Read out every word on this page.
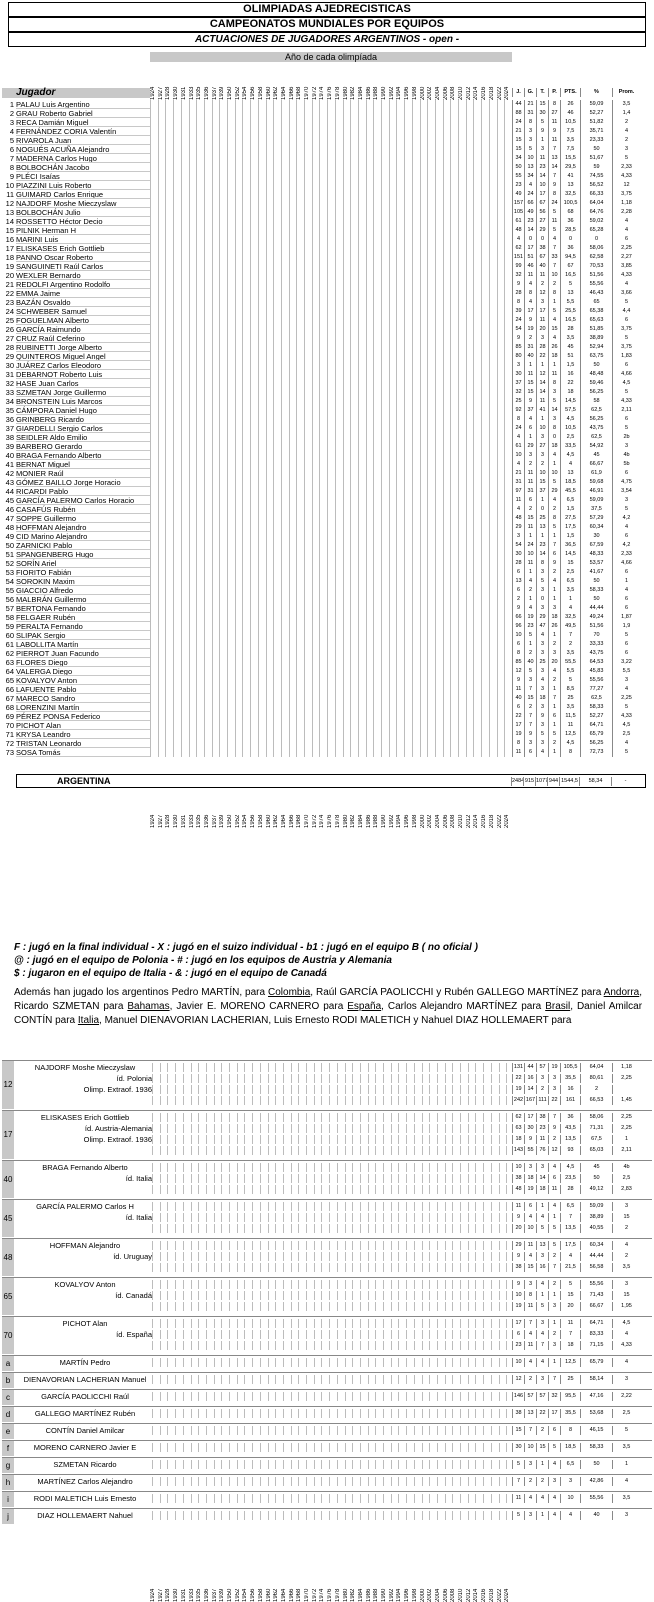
OLIMPIADAS AJEDRECISTICAS
CAMPEONATOS MUNDIALES POR EQUIPOS
ACTUACIONES DE JUGADORES ARGENTINOS - open -
Año de cada olimpíada
1924 1927 1928 1930 1931 1933 1935 1936 1937 1939 1950 1952 1954 1956 1958 1960 1962 1964 1966 1968 1970 1972 1974 1976 1978 1980 1982 1984 1986 1988 1990 1992 1994 1996 1998 2000 2002 2004 2006 2008 2010 2012 2014 2016 2018 2022 2024
Jugador	J.	G.	T.	P.	PTS.	%	Prom.
1 PALAU Luis Argentino	44	21	15	8	26	59,09	3,5
2 GRAU Roberto Gabriel	88	31	30	27	46	52,27	1,4
3 RECA Damián Miguel	24	8	5	11	10,5	51,82	2
4 FERNÁNDEZ CORIA Valentín	21	3	9	9	7,5	35,71	4
5 RIVAROLA Juan	15	3	1	11	3,5	23,33	2
6 NOGUÉS ACUÑA Alejandro	15	5	3	7	7,5	50	3
7 MADERNA Carlos Hugo	34	10	11	13	15,5	51,67	5
8 BOLBOCHÁN Jacobo	50	13	23	14	29,5	59	2,33
9 PLÉCI Isaías	55	34	14	7	41	74,55	4,33
10 PIAZZINI Luis Roberto	23	4	10	9	13	56,52	12
11 GUIMARD Carlos Enrique	49	24	17	8	32,5	66,33	3,75
12 NAJDORF Moshe Mieczyslaw	157 66	67	24	100,5	64,04	1,18
13 BOLBOCHÁN Julio	105 49	56	5	68	64,76	2,28
14 ROSSETTO Héctor Decio	61	23	27	11	36	59,02	4
15 PILNIK Herman H	48	14	29	5	28,5	65,28	4
16 MARINI Luis	4	0	0	4	0	0	6
17 ELISKASES Erich Gottlieb	62	17	38	7	36	58,06	2,25
18 PANNO Oscar Roberto	151 51	67	33	94,5	62,58	2,27
19 SANGUINETI Raúl Carlos	99	46	40	7	67	70,53	3,85
20 WEXLER Bernardo	32	11	11	10	16,5	51,56	4,33
21 REDOLFI Argentino Rodolfo	9	4	2	2	5	55,56	4
22 EMMA Jaime	28	8	12	8	13	46,43	3,66
23 BAZÁN Osvaldo	8	4	3	1	5,5	65	5
24 SCHWEBER Samuel	39	17	17	5	25,5	65,38	4,4
25 FOGUELMAN Alberto	24	9	11	4	16,5	65,63	6
26 GARCÍA Raimundo	54	19	20	15	28	51,85	3,75
27 CRUZ Raúl Ceferino	9	2	3	4	3,5	38,89	5
28 RUBINETTI Jorge Alberto	85	31	28	26	45	52,94	3,75
29 QUINTEROS Miguel Angel	80	40	22	18	51	63,75	1,83
30 JUÁREZ Carlos Eleodoro	3	1	1	1	1,5	50	6
31 DEBARNOT Roberto Luis	30	11	12	11	16	48,48	4,66
32 HASE Juan Carlos	37	15	14	8	22	59,46	4,5
33 SZMETAN Jorge Guillermo	32	15	14	3	18	56,25	5
34 BRONSTEIN Luis Marcos	25	9	11	5	14,5	58	4,33
35 CÁMPORA Daniel Hugo	92	37	41	14	57,5	62,5	2,11
36 GRINBERG Ricardo	8	4	1	3	4,5	56,25	6
37 GIARDELLI Sergio Carlos	24	6	10	8	10,5	43,75	5
38 SEIDLER Aldo Emilio	4	1	3	0	2,5	62,5	2b
39 BARBERO Gerardo	61	29	27	18	33,5	54,92	3
40 BRAGA Fernando Alberto	10	3	3	4	4,5	45	4b
41 BERNAT Miguel	4	2	2	1	4	66,67	5b
42 MONIER Raúl	21	11	10	10	13	61,9	6
43 GÓMEZ BAILLO Jorge Horacio	31	11	15	5	18,5	59,68	4,75
44 RICARDI Pablo	97	31	37	29	45,5	46,91	3,54
45 GARCÍA PALERMO Carlos Horacio	11	6	1	4	6,5	59,09	3
46 CASAFÚS Rubén	4	2	0	2	1,5	37,5	5
47 SOPPE Guillermo	48	15	25	8	27,5	57,29	4,2
48 HOFFMAN Alejandro	29	11	13	5	17,5	60,34	4
49 CID Marino Alejandro	3	1	1	1	1,5	30	6
50 ZARNICKI Pablo	54	24	23	7	36,5	67,59	4,2
51 SPANGENBERG Hugo	30	10	14	6	14,5	48,33	2,33
52 SORÍN Ariel	28	11	8	9	15	53,57	4,66
53 FIORITO Fabián	6	1	3	2	2,5	41,67	6
54 SOROKIN Maxim	13	4	5	4	6,5	50	1
55 GIACCIO Alfredo	6	2	3	1	3,5	58,33	4
56 MALBRÁN Guillermo	2	1	0	1	1	50	6
57 BERTONA Fernando	9	4	3	3	4	44,44	6
58 FELGAER Rubén	66	19	29	18	32,5	49,24	1,87
59 PERALTA Fernando	96	23	47	26	49,5	51,56	1,9
60 SLIPAK Sergio	10	5	4	1	7	70	5
61 LABOLLITA Martín	6	1	3	2	2	33,33	6
62 PIERROT Juan Facundo	8	2	3	3	3,5	43,75	6
63 FLORES Diego	85	40	25	20	55,5	64,53	3,22
64 VALERGA Diego	12	5	3	4	5,5	45,83	5,5
65 KOVALYOV Anton	9	3	4	2	5	55,56	3
66 LAFUENTE Pablo	11	7	3	1	8,5	77,27	4
67 MARECO Sandro	40	15	18	7	25	62,5	2,25
68 LORENZINI Martín	6	2	3	1	3,5	58,33	5
69 PÉREZ PONSA Federico	22	7	9	6	11,5	52,27	4,33
70 PICHOT Alan	17	7	3	1	11	64,71	4,5
71 KRYSA Leandro	19	9	5	5	12,5	65,79	2,5
72 TRISTAN Leonardo	8	3	3	2	4,5	56,25	4
73 SOSA Tomás	11	6	4	1	8	72,73	5
ARGENTINA	2484 915 1077 944 1544,5	58,34	-
1924 1927 1928 1930 1931 1933 1935 1936 1937 1939 1950 1952 1954 1956 1958 1960 1962 1964 1966 1968 1970 1972 1974 1976 1978 1980 1982 1984 1986 1988 1990 1992 1994 1996 1998 2000 2002 2004 2006 2008 2010 2012 2014 2016 2018 2022 2024
F : jugó en la final individual - X : jugó en el suizo individual - b1 : jugó en el equipo B ( no oficial )
@ : jugó en el equipo de Polonia - # : jugó en los equipos de Austria y Alemania
$ : jugaron en el equipo de Italia - & : jugó en el equipo de Canadá
Además han jugado los argentinos Pedro MARTÍN, para Colombia, Raúl GARCÍA PAOLICCHI y Rubén GALLEGO MARTÍNEZ para Andorra, Ricardo SZMETAN para Bahamas, Javier E. MORENO CARNERO para España, Carlos Alejandro MARTÍNEZ para Brasil, Daniel Amilcar CONTÍN para Italia, Manuel DIENAVORIAN LACHERIAN, Luis Ernesto RODI MALETICH y Nahuel DIAZ HOLLEMAERT para
12
NAJDORF Moshe Mieczyslaw	131 44	57	19	105,5	64,04	1,18
íd. Polonia	22	16	3	3	35,5	80,61	2,25
Olimp. Extraof. 1936	19	14	2	3	16	2
242 167 111 22	161	66,53	1,45
17
ELISKASES Erich Gottlieb	62	17	38	7	36	58,06	2,25
íd. Austria-Alemania	63	30	23	9	43,5	71,31	2,25
Olimp. Extraof. 1936	18	9	11	2	13,5	67,5	1
143 55	76	12	93	65,03	2,11
40
BRAGA Fernando Alberto	10	3	3	4	4,5	45	4b
íd. Italia	38	18	14	6	23,5	50	2,5
48	19	18	11	28	49,12	2,83
45
GARCÍA PALERMO Carlos H	11	6	1	4	6,5	59,09	3
íd. Italia	9	4	4	1	7	38,89	15
20	10	5	5	13,5	40,55	2
48
HOFFMAN Alejandro	29	11	13	5	17,5	60,34	4
íd. Uruguay	9	4	3	2	4	44,44	2
38	15	16	7	21,5	56,58	3,5
65
KOVALYOV Anton	9	3	4	2	5	55,56	3
íd. Canadá	10	8	1	1	15	71,43	15
19	11	5	3	20	66,67	1,95
70
PICHOT Alan	17	7	3	1	11	64,71	4,5
íd. España	6	4	4	2	7	83,33	4
23	11	7	3	18	71,15	4,33
a	MARTÍN Pedro	10	4	4	1	12,5	65,79	4
b	DIENAVORIAN LACHERIAN Manuel	12	2	3	7	25	58,14	3
c	GARCÍA PAOLICCHI Raúl	146 57	57	32	95,5	47,16	2,22
d	GALLEGO MARTÍNEZ Rubén	38	13	22	17	35,5	53,68	2,5
e	CONTÍN Daniel Amilcar	15	7	2	6	8	46,15	5
f	MORENO CARNERO Javier E	30	10	15	5	18,5	58,33	3,5
g	SZMETAN Ricardo	5	3	1	4	6,5	50	1
h	MARTÍNEZ Carlos Alejandro	7	2	2	3	3	42,86	4
i	RODI MALETICH Luis Ernesto	11	4	4	4	10	55,56	3,5
j	DIAZ HOLLEMAERT Nahuel	5	3	1	4	4	40	3
1924 1927 1928 1930 1931 1933 1935 1936 1937 1939 1950 1952 1954 1956 1958 1960 1962 1964 1966 1968 1970 1972 1974 1976 1978 1980 1982 1984 1986 1988 1990 1992 1994 1996 1998 2000 2002 2004 2006 2008 2010 2012 2014 2016 2018 2022 2024
